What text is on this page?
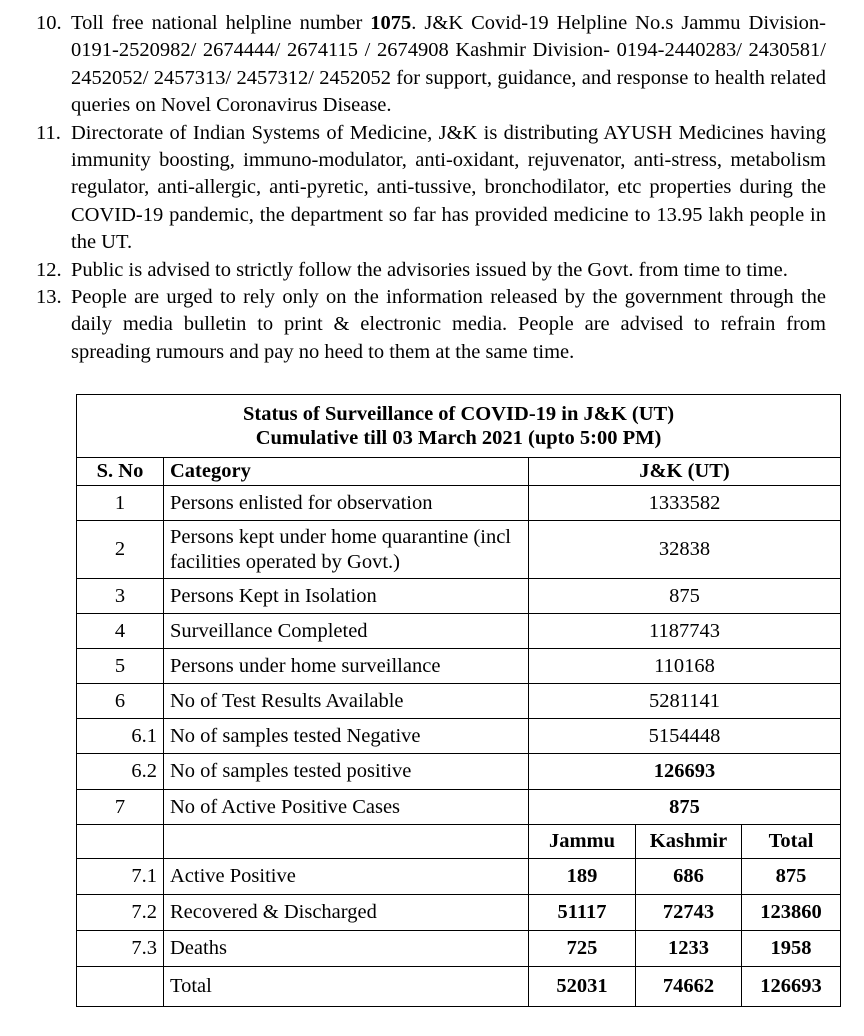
10. Toll free national helpline number 1075. J&K Covid-19 Helpline No.s Jammu Division- 0191-2520982/ 2674444/ 2674115 / 2674908 Kashmir Division- 0194-2440283/ 2430581/ 2452052/ 2457313/ 2457312/ 2452052 for support, guidance, and response to health related queries on Novel Coronavirus Disease.
11. Directorate of Indian Systems of Medicine, J&K is distributing AYUSH Medicines having immunity boosting, immuno-modulator, anti-oxidant, rejuvenator, anti-stress, metabolism regulator, anti-allergic, anti-pyretic, anti-tussive, bronchodilator, etc properties during the COVID-19 pandemic, the department so far has provided medicine to 13.95 lakh people in the UT.
12. Public is advised to strictly follow the advisories issued by the Govt. from time to time.
13. People are urged to rely only on the information released by the government through the daily media bulletin to print & electronic media. People are advised to refrain from spreading rumours and pay no heed to them at the same time.
Status of Surveillance of COVID-19 in J&K (UT)
Cumulative till 03 March 2021 (upto 5:00 PM)				

S. No	Category	J&K (UT)		
1	Persons enlisted for observation	1333582		
2	Persons kept under home quarantine (incl facilities operated by Govt.)	32838		
3	Persons Kept in Isolation	875		
4	Surveillance Completed	1187743		
5	Persons under home surveillance	110168		
6	No of Test Results Available	5281141		
6.1	No of samples tested Negative	5154448		
6.2	No of samples tested positive	126693		
7	No of Active Positive Cases	875		
		Jammu	Kashmir	Total
7.1	Active Positive	189	686	875
7.2	Recovered & Discharged	51117	72743	123860
7.3	Deaths	725	1233	1958
	Total	52031	74662	126693
